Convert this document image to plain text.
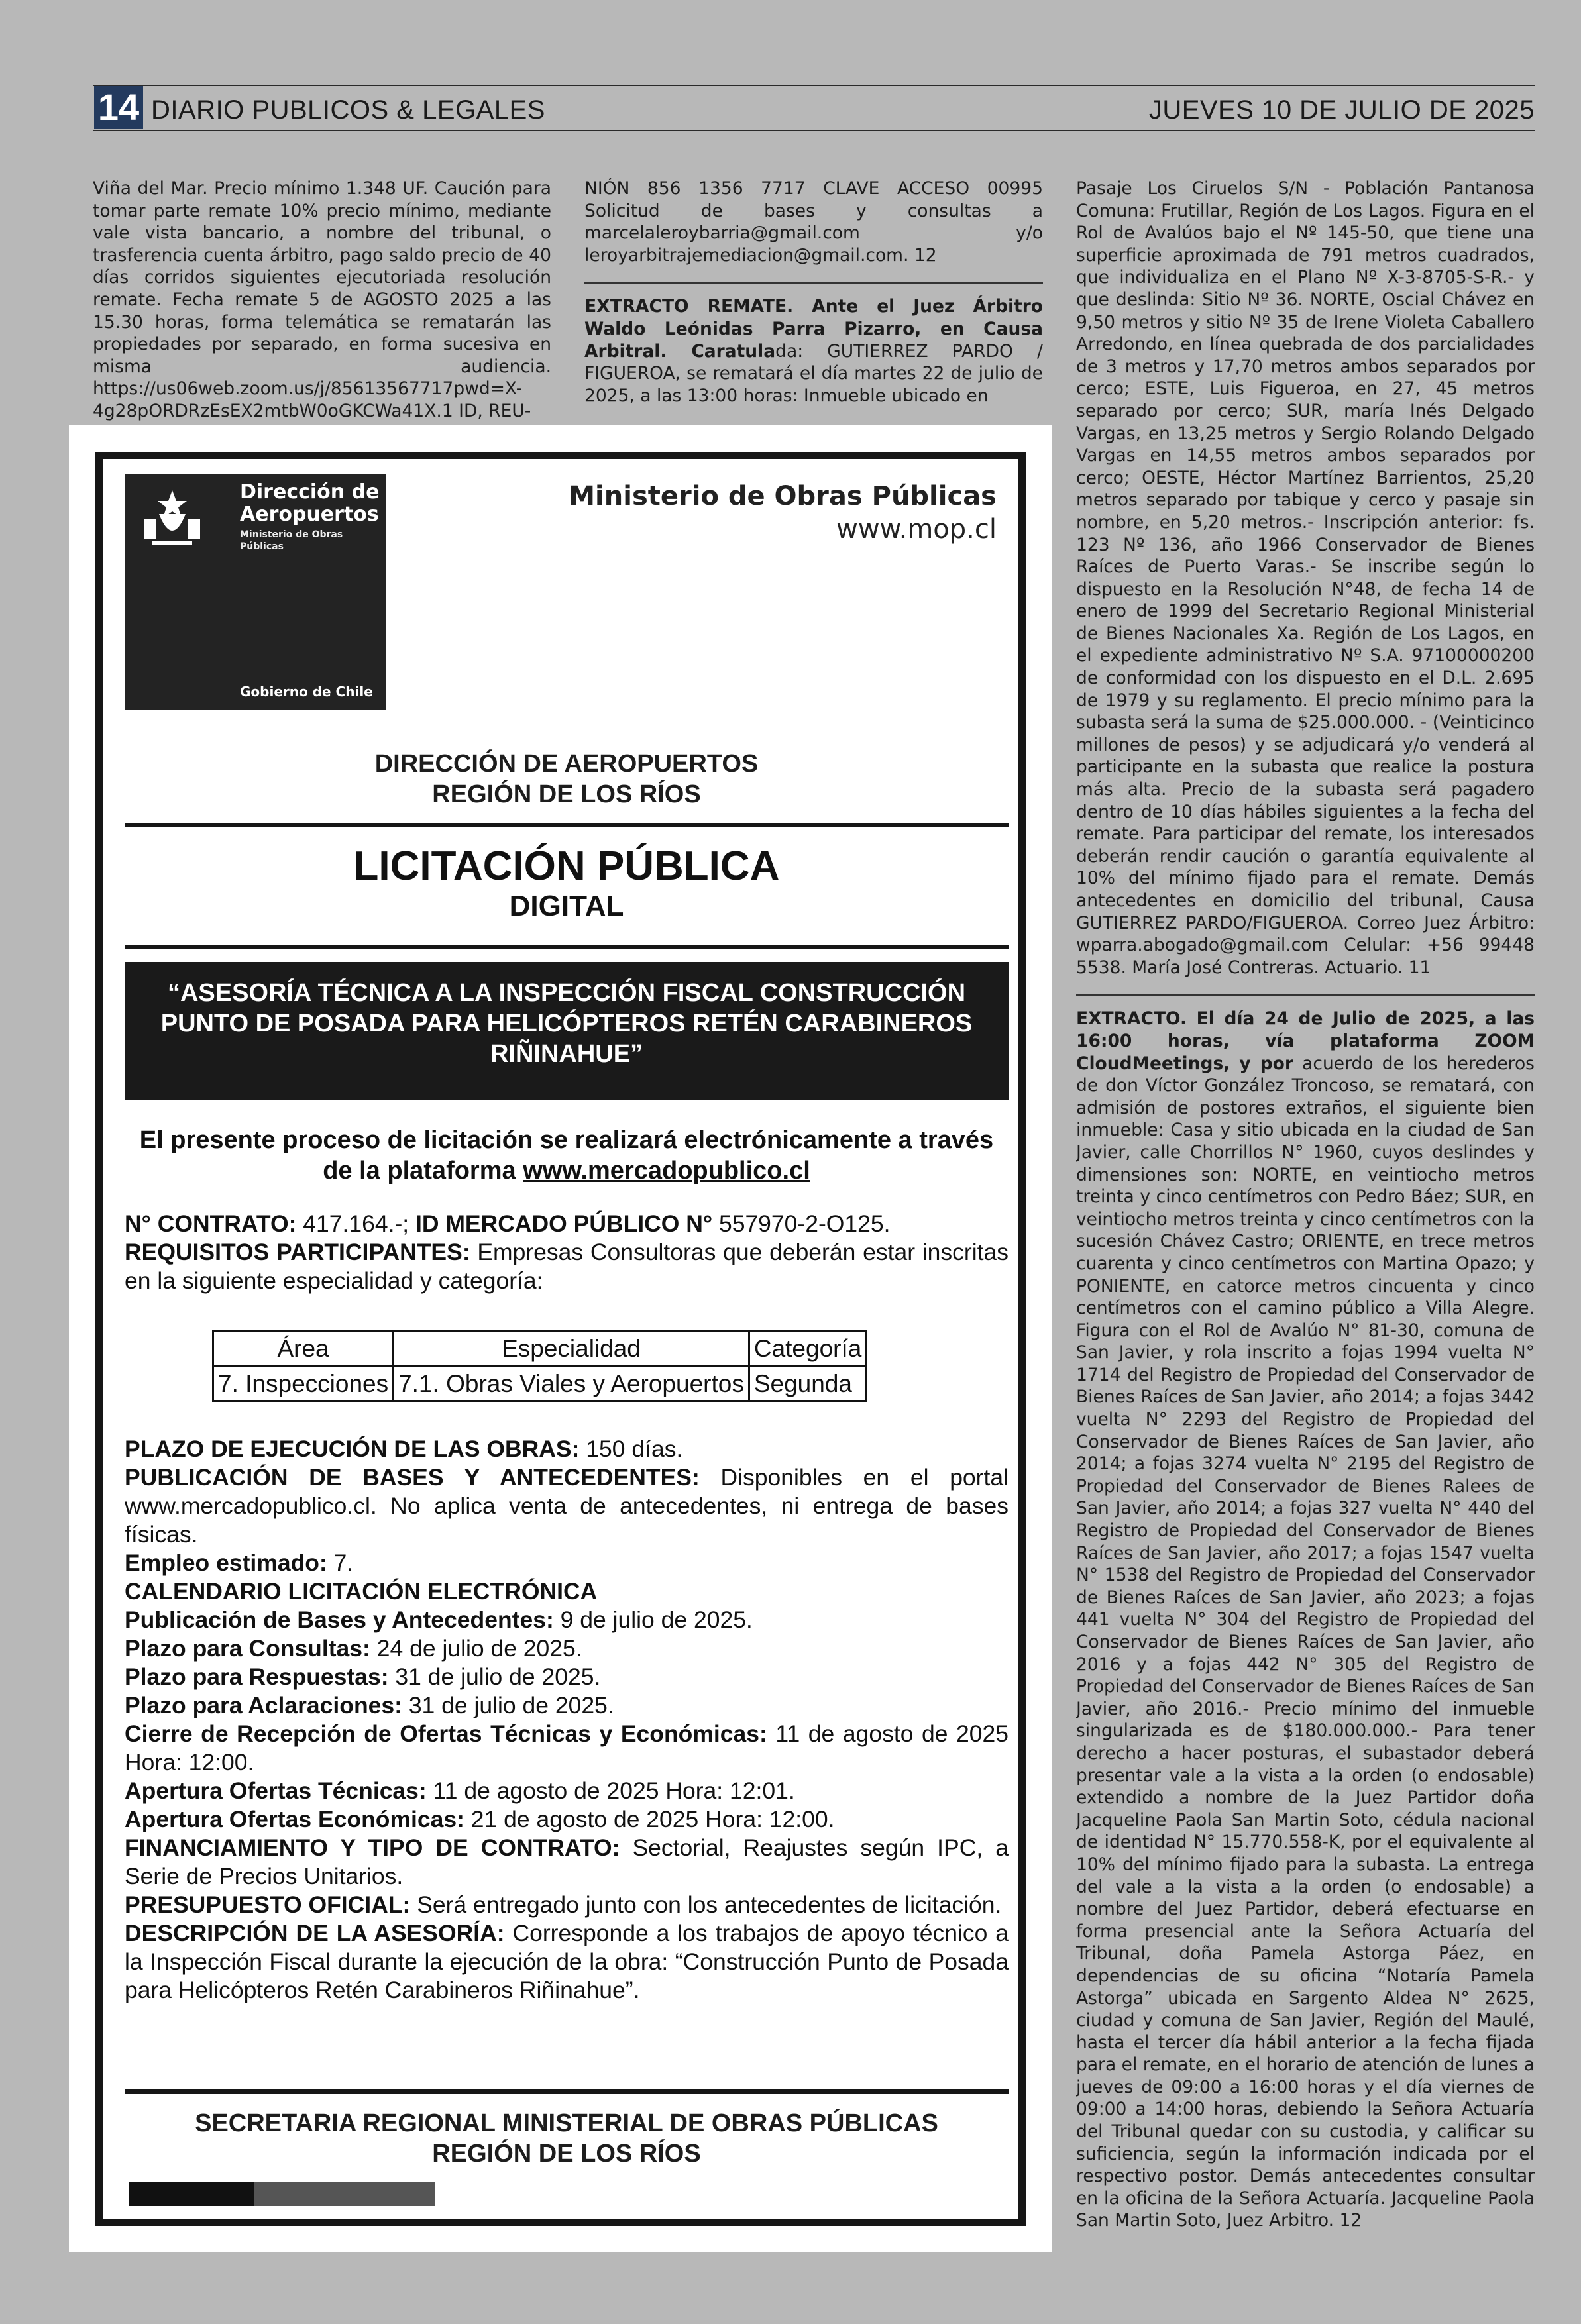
14 DIARIO PUBLICOS & LEGALES	JUEVES 10 DE JULIO DE 2025

Viña del Mar. Precio mínimo 1.348 UF. Caución para tomar parte remate 10% precio mínimo, mediante vale vista bancario, a nombre del tribunal, o trasferencia cuenta árbitro, pago saldo precio de 40 días corridos siguientes ejecutoriada resolución remate. Fecha remate 5 de AGOSTO 2025 a las 15.30 horas, forma telemática se rematarán las propiedades por separado, en forma sucesiva en misma audiencia. https://us06web.zoom.us/j/85613567717pwd=X-4g28pORDRzEsEX2mtbW0oGKCWa41X.1 ID, REU-

NIÓN 856 1356 7717 CLAVE ACCESO 00995 Solicitud de bases y consultas a marcelaleroybarria@gmail.com y/o leroyarbitrajemediacion@gmail.com. 12

EXTRACTO REMATE. Ante el Juez Árbitro Waldo Leónidas Parra Pizarro, en Causa Arbitral. Caratulada: GUTIERREZ PARDO / FIGUEROA, se rematará el día martes 22 de julio de 2025, a las 13:00 horas: Inmueble ubicado en

Pasaje Los Ciruelos S/N - Población Pantanosa Comuna: Frutillar, Región de Los Lagos. Figura en el Rol de Avalúos bajo el Nº 145-50, que tiene una superficie aproximada de 791 metros cuadrados, que individualiza en el Plano Nº X-3-8705-S-R.- y que deslinda: Sitio Nº 36. NORTE, Oscial Chávez en 9,50 metros y sitio Nº 35 de Irene Violeta Caballero Arredondo, en línea quebrada de dos parcialidades de 3 metros y 17,70 metros ambos separados por cerco; ESTE, Luis Figueroa, en 27, 45 metros separado por cerco; SUR, maría Inés Delgado Vargas, en 13,25 metros y Sergio Rolando Delgado Vargas en 14,55 metros ambos separados por cerco; OESTE, Héctor Martínez Barrientos, 25,20 metros separado por tabique y cerco y pasaje sin nombre, en 5,20 metros.- Inscripción anterior: fs. 123 Nº 136, año 1966 Conservador de Bienes Raíces de Puerto Varas.- Se inscribe según lo dispuesto en la Resolución N°48, de fecha 14 de enero de 1999 del Secretario Regional Ministerial de Bienes Nacionales Xa. Región de Los Lagos, en el expediente administrativo Nº S.A. 97100000200 de conformidad con los dispuesto en el D.L. 2.695 de 1979 y su reglamento. El precio mínimo para la subasta será la suma de $25.000.000. - (Veinticinco millones de pesos) y se adjudicará y/o venderá al participante en la subasta que realice la postura más alta. Precio de la subasta será pagadero dentro de 10 días hábiles siguientes a la fecha del remate. Para participar del remate, los interesados deberán rendir caución o garantía equivalente al 10% del mínimo fijado para el remate. Demás antecedentes en domicilio del tribunal, Causa GUTIERREZ PARDO/FIGUEROA. Correo Juez Árbitro: wparra.abogado@gmail.com Celular: +56 99448 5538. María José Contreras. Actuario. 11

EXTRACTO. El día 24 de Julio de 2025, a las 16:00 horas, vía plataforma ZOOM CloudMeetings, y por acuerdo de los herederos de don Víctor González Troncoso, se rematará, con admisión de postores extraños, el siguiente bien inmueble: Casa y sitio ubicada en la ciudad de San Javier, calle Chorrillos N° 1960, cuyos deslindes y dimensiones son: NORTE, en veintiocho metros treinta y cinco centímetros con Pedro Báez; SUR, en veintiocho metros treinta y cinco centímetros con la sucesión Chávez Castro; ORIENTE, en trece metros cuarenta y cinco centímetros con Martina Opazo; y PONIENTE, en catorce metros cincuenta y cinco centímetros con el camino público a Villa Alegre. Figura con el Rol de Avalúo N° 81-30, comuna de San Javier, y rola inscrito a fojas 1994 vuelta N° 1714 del Registro de Propiedad del Conservador de Bienes Raíces de San Javier, año 2014; a fojas 3442 vuelta N° 2293 del Registro de Propiedad del Conservador de Bienes Raíces de San Javier, año 2014; a fojas 3274 vuelta N° 2195 del Registro de Propiedad del Conservador de Bienes Ralees de San Javier, año 2014; a fojas 327 vuelta N° 440 del Registro de Propiedad del Conservador de Bienes Raíces de San Javier, año 2017; a fojas 1547 vuelta N° 1538 del Registro de Propiedad del Conservador de Bienes Raíces de San Javier, año 2023; a fojas 441 vuelta N° 304 del Registro de Propiedad del Conservador de Bienes Raíces de San Javier, año 2016 y a fojas 442 N° 305 del Registro de Propiedad del Conservador de Bienes Raíces de San Javier, año 2016.- Precio mínimo del inmueble singularizada es de $180.000.000.- Para tener derecho a hacer posturas, el subastador deberá presentar vale a la vista a la orden (o endosable) extendido a nombre de la Juez Partidor doña Jacqueline Paola San Martin Soto, cédula nacional de identidad N° 15.770.558-K, por el equivalente al 10% del mínimo fijado para la subasta. La entrega del vale a la vista a la orden (o endosable) a nombre del Juez Partidor, deberá efectuarse en forma presencial ante la Señora Actuaría del Tribunal, doña Pamela Astorga Páez, en dependencias de su oficina “Notaría Pamela Astorga” ubicada en Sargento Aldea N° 2625, ciudad y comuna de San Javier, Región del Maulé, hasta el tercer día hábil anterior a la fecha fijada para el remate, en el horario de atención de lunes a jueves de 09:00 a 16:00 horas y el día viernes de 09:00 a 14:00 horas, debiendo la Señora Actuaría del Tribunal quedar con su custodia, y calificar su suficiencia, según la información indicada por el respectivo postor. Demás antecedentes consultar en la oficina de la Señora Actuaría. Jacqueline Paola San Martin Soto, Juez Arbitro. 12

Dirección de
Aeropuertos
Ministerio de Obras
Públicas
Gobierno de Chile
Ministerio de Obras Públicas
www.mop.cl
DIRECCIÓN DE AEROPUERTOS
REGIÓN DE LOS RÍOS
LICITACIÓN PÚBLICA
DIGITAL
“ASESORÍA TÉCNICA A LA INSPECCIÓN FISCAL CONSTRUCCIÓN PUNTO DE POSADA PARA HELICÓPTEROS RETÉN CARABINEROS RIÑINAHUE”
El presente proceso de licitación se realizará electrónicamente a través de la plataforma www.mercadopublico.cl

N° CONTRATO: 417.164.-; ID MERCADO PÚBLICO N° 557970-2-O125.

REQUISITOS PARTICIPANTES: Empresas Consultoras que deberán estar inscritas en la siguiente especialidad y categoría:

Área	Especialidad	Categoría
7. Inspecciones	7.1. Obras Viales y Aeropuertos	Segunda

PLAZO DE EJECUCIÓN DE LAS OBRAS: 150 días.

PUBLICACIÓN DE BASES Y ANTECEDENTES: Disponibles en el portal www.mercadopublico.cl. No aplica venta de antecedentes, ni entrega de bases físicas.

Empleo estimado: 7.

CALENDARIO LICITACIÓN ELECTRÓNICA

Publicación de Bases y Antecedentes: 9 de julio de 2025.

Plazo para Consultas: 24 de julio de 2025.

Plazo para Respuestas: 31 de julio de 2025.

Plazo para Aclaraciones: 31 de julio de 2025.

Cierre de Recepción de Ofertas Técnicas y Económicas: 11 de agosto de 2025 Hora: 12:00.

Apertura Ofertas Técnicas: 11 de agosto de 2025 Hora: 12:01.

Apertura Ofertas Económicas: 21 de agosto de 2025 Hora: 12:00.

FINANCIAMIENTO Y TIPO DE CONTRATO: Sectorial, Reajustes según IPC, a Serie de Precios Unitarios.

PRESUPUESTO OFICIAL: Será entregado junto con los antecedentes de licitación.

DESCRIPCIÓN DE LA ASESORÍA: Corresponde a los trabajos de apoyo técnico a la Inspección Fiscal durante la ejecución de la obra: “Construcción Punto de Posada para Helicópteros Retén Carabineros Riñinahue”.

SECRETARIA REGIONAL MINISTERIAL DE OBRAS PÚBLICAS
REGIÓN DE LOS RÍOS
